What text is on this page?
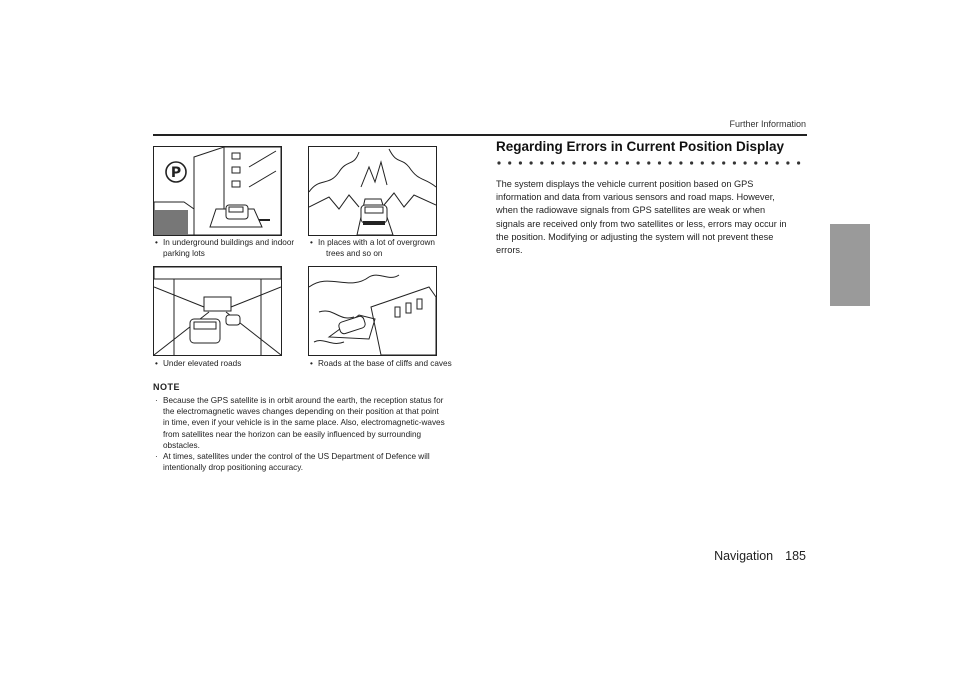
Further Information
P
• In underground buildings and indoor
parking lots
• In places with a lot of overgrown
trees and so on
• Under elevated roads	• Roads at the base of cliffs and caves
NOTE
· Because the GPS satellite is in orbit around the earth, the reception status for
the electromagnetic waves changes depending on their position at that point
in time, even if your vehicle is in the same place. Also, electromagnetic-waves
from satellites near the horizon can be easily influenced by surrounding
obstacles.
· At times, satellites under the control of the US Department of Defence will
intentionally drop positioning accuracy.
Regarding Errors in Current Position Display
The system displays the vehicle current position based on GPS
information and data from various sensors and road maps. However,
when the radiowave signals from GPS satellites are weak or when
signals are received only from two satellites or less, errors may occur in
the position. Modifying or adjusting the system will not prevent these
errors.
Navigation 185
